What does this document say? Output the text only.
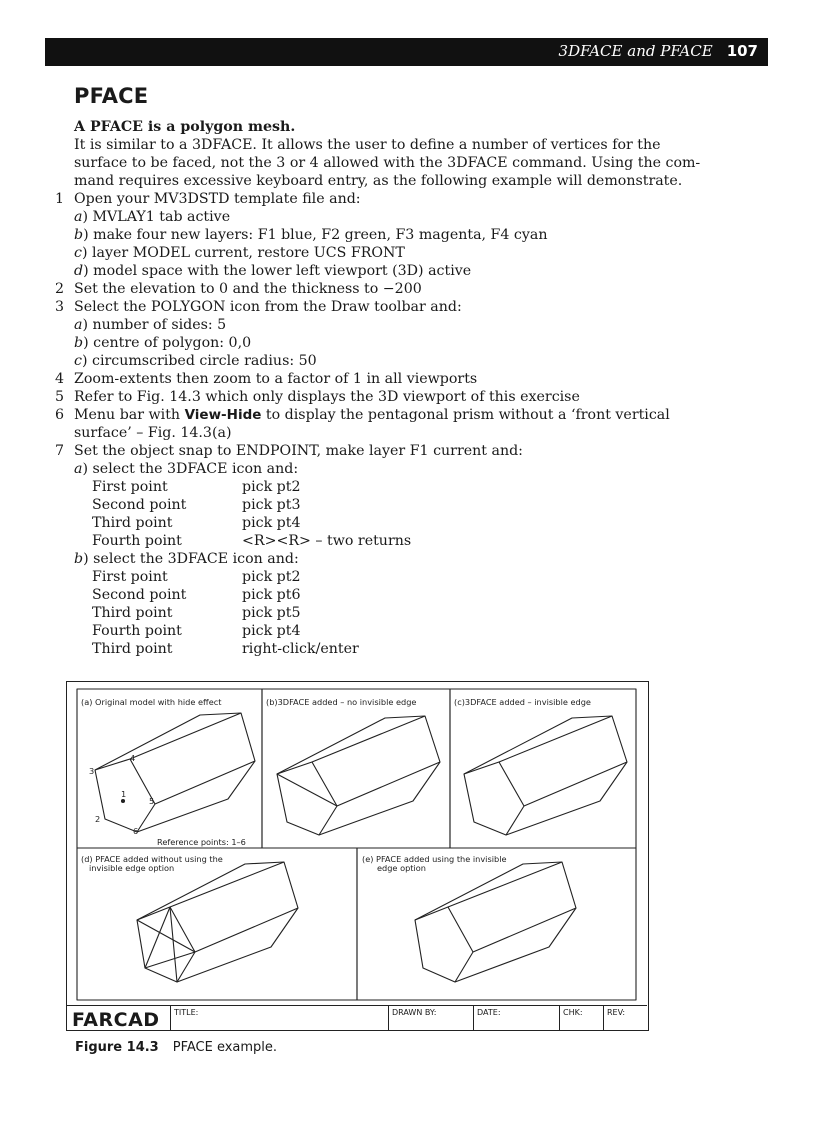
3DFACE and PFACE 107
PFACE
A PFACE is a polygon mesh.
It is similar to a 3DFACE. It allows the user to define a number of vertices for the
surface to be faced, not the 3 or 4 allowed with the 3DFACE command. Using the com-
mand requires excessive keyboard entry, as the following example will demonstrate.
1 Open your MV3DSTD template file and:
a) MVLAY1 tab active
b) make four new layers: F1 blue, F2 green, F3 magenta, F4 cyan
c) layer MODEL current, restore UCS FRONT
d) model space with the lower left viewport (3D) active
2 Set the elevation to 0 and the thickness to −200
3 Select the POLYGON icon from the Draw toolbar and:
a) number of sides: 5
b) centre of polygon: 0,0
c) circumscribed circle radius: 50
4 Zoom-extents then zoom to a factor of 1 in all viewports
5 Refer to Fig. 14.3 which only displays the 3D viewport of this exercise
6 Menu bar with View-Hide to display the pentagonal prism without a ‘front vertical
surface’ – Fig. 14.3(a)
7 Set the object snap to ENDPOINT, make layer F1 current and:
a) select the 3DFACE icon and:
First point	pick pt2
Second point	pick pt3
Third point	pick pt4
Fourth point	<R><R> – two returns
b) select the 3DFACE icon and:
First point	pick pt2
Second point	pick pt6
Third point	pick pt5
Fourth point	pick pt4
Third point	right-click/enter
(a) Original model with hide effect	(b)3DFACE added – no invisible edge	(c)3DFACE added – invisible edge
(d) PFACE added without using the
invisible edge option
(e) PFACE added using the invisible
edge option
3
4
1
5
2
6
Reference points: 1–6
FARCAD	TITLE:	DRAWN BY:	DATE:	CHK:	REV:
Figure 14.3 PFACE example.
